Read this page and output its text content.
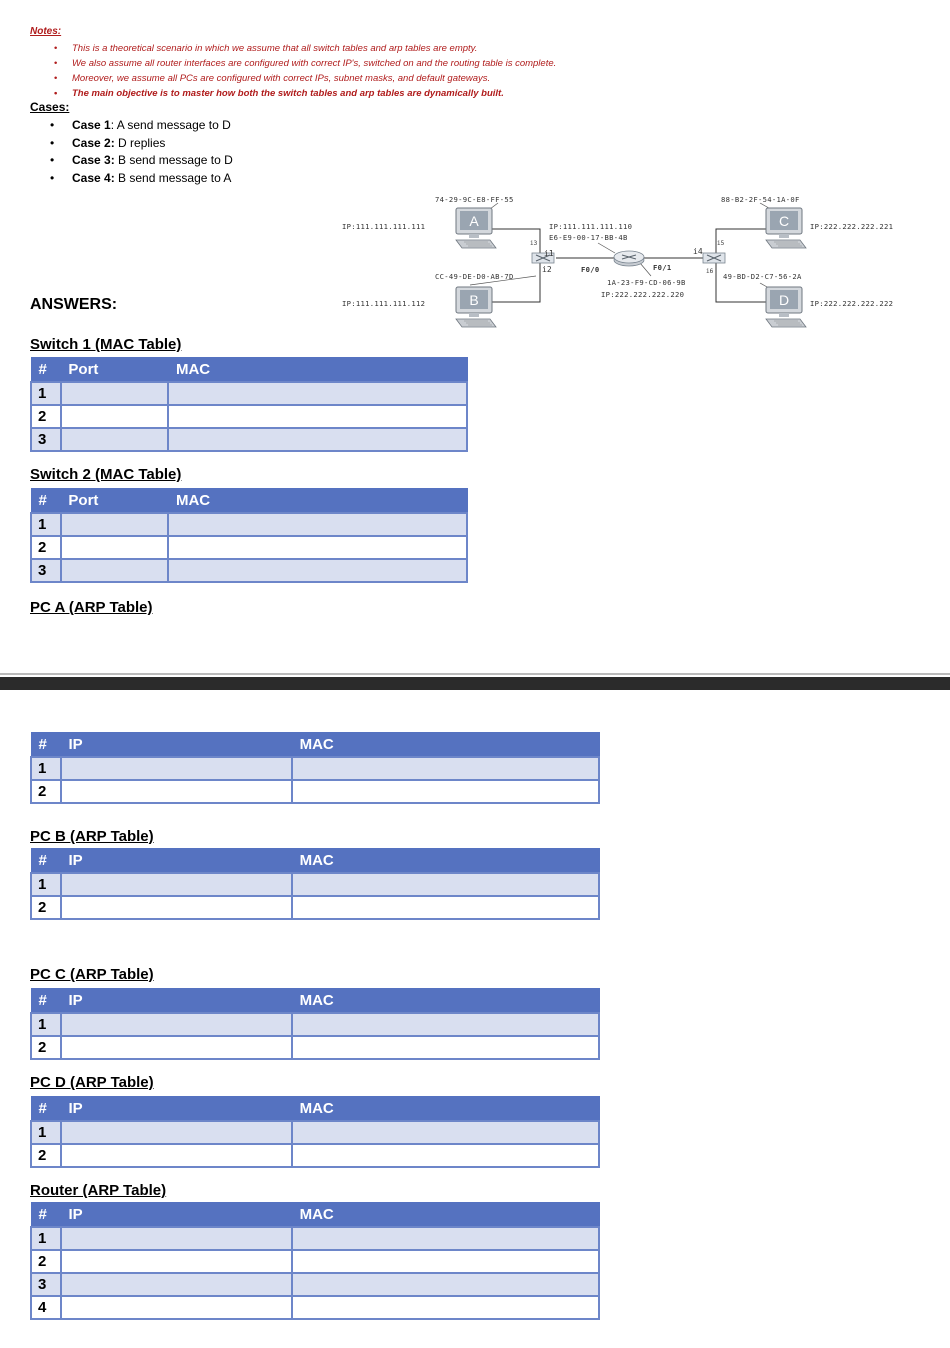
Notes:
• This is a theoretical scenario in which we assume that all switch tables and arp tables are empty.
• We also assume all router interfaces are configured with correct IP's, switched on and the routing table is complete.
• Moreover, we assume all PCs are configured with correct IPs, subnet masks, and default gateways.
• The main objective is to master how both the switch tables and arp tables are dynamically built.
Cases:
• Case 1: A send message to D
• Case 2: D replies
• Case 3: B send message to D
• Case 4: B send message to A
A
B
C
D
74-29-9C-E8-FF-55
IP:111.111.111.111
IP:111.111.111.112
CC-49-DE-D0-AB-7D
88-B2-2F-54-1A-0F
IP:222.222.222.221
49-BD-D2-C7-56-2A
IP:222.222.222.222
IP:111.111.111.110
E6-E9-00-17-BB-4B
F0/0	F0/1
1A-23-F9-CD-06-9B
IP:222.222.222.220
i1
i2
i3
i4
i5
i6
ANSWERS:
Switch 1 (MAC Table)
#	Port	MAC
1		
2		
3		
Switch 2 (MAC Table)
#	Port	MAC
1		
2		
3		
PC A (ARP Table)
#	IP	MAC
1		
2		
PC B (ARP Table)
#	IP	MAC
1		
2		
PC C (ARP Table)
#	IP	MAC
1		
2		
PC D (ARP Table)
#	IP	MAC
1		
2		
Router (ARP Table)
#	IP	MAC
1		
2		
3		
4		
